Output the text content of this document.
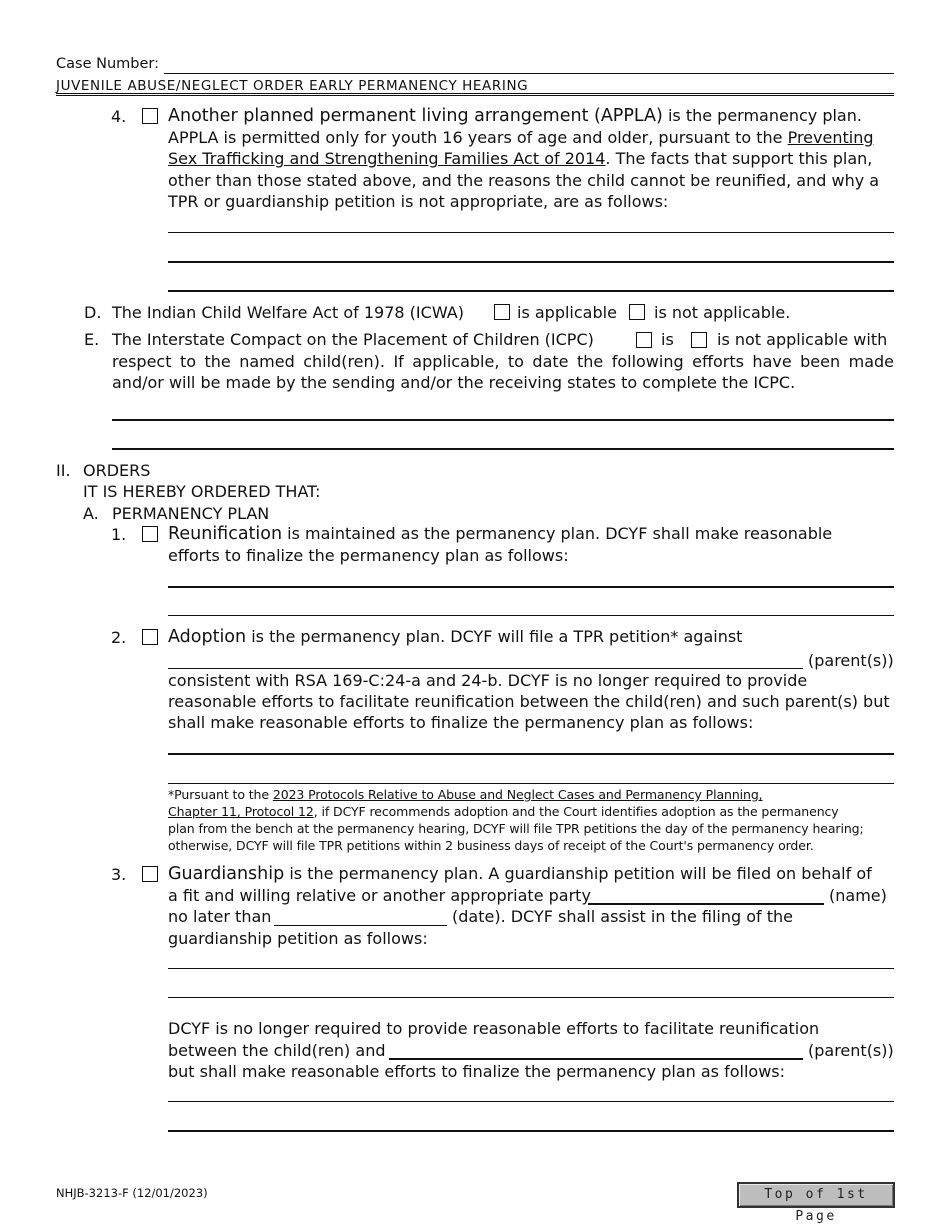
Case Number:
JUVENILE ABUSE/NEGLECT ORDER EARLY PERMANENCY HEARING
4. Another planned permanent living arrangement (APPLA) is the permanency plan.
APPLA is permitted only for youth 16 years of age and older, pursuant to the Preventing
Sex Trafficking and Strengthening Families Act of 2014. The facts that support this plan,
other than those stated above, and the reasons the child cannot be reunified, and why a
TPR or guardianship petition is not appropriate, are as follows:
D. The Indian Child Welfare Act of 1978 (ICWA)	is applicable is not applicable.
E. The Interstate Compact on the Placement of Children (ICPC)	is	is not applicable with
respect to the named child(ren). If applicable, to date the following efforts have been made
and/or will be made by the sending and/or the receiving states to complete the ICPC.
II. ORDERS
IT IS HEREBY ORDERED THAT:
A. PERMANENCY PLAN
1. Reunification is maintained as the permanency plan. DCYF shall make reasonable
efforts to finalize the permanency plan as follows:
2. Adoption is the permanency plan. DCYF will file a TPR petition* against
(parent(s))
consistent with RSA 169-C:24-a and 24-b. DCYF is no longer required to provide
reasonable efforts to facilitate reunification between the child(ren) and such parent(s) but
shall make reasonable efforts to finalize the permanency plan as follows:
*Pursuant to the 2023 Protocols Relative to Abuse and Neglect Cases and Permanency Planning,
Chapter 11, Protocol 12, if DCYF recommends adoption and the Court identifies adoption as the permanency
plan from the bench at the permanency hearing, DCYF will file TPR petitions the day of the permanency hearing;
otherwise, DCYF will file TPR petitions within 2 business days of receipt of the Court's permanency order.
3. Guardianship is the permanency plan. A guardianship petition will be filed on behalf of
a fit and willing relative or another appropriate party	(name)
no later than	(date). DCYF shall assist in the filing of the
guardianship petition as follows:
DCYF is no longer required to provide reasonable efforts to facilitate reunification
between the child(ren) and	(parent(s))
but shall make reasonable efforts to finalize the permanency plan as follows:
NHJB-3213-F (12/01/2023)	Top of 1st Page
